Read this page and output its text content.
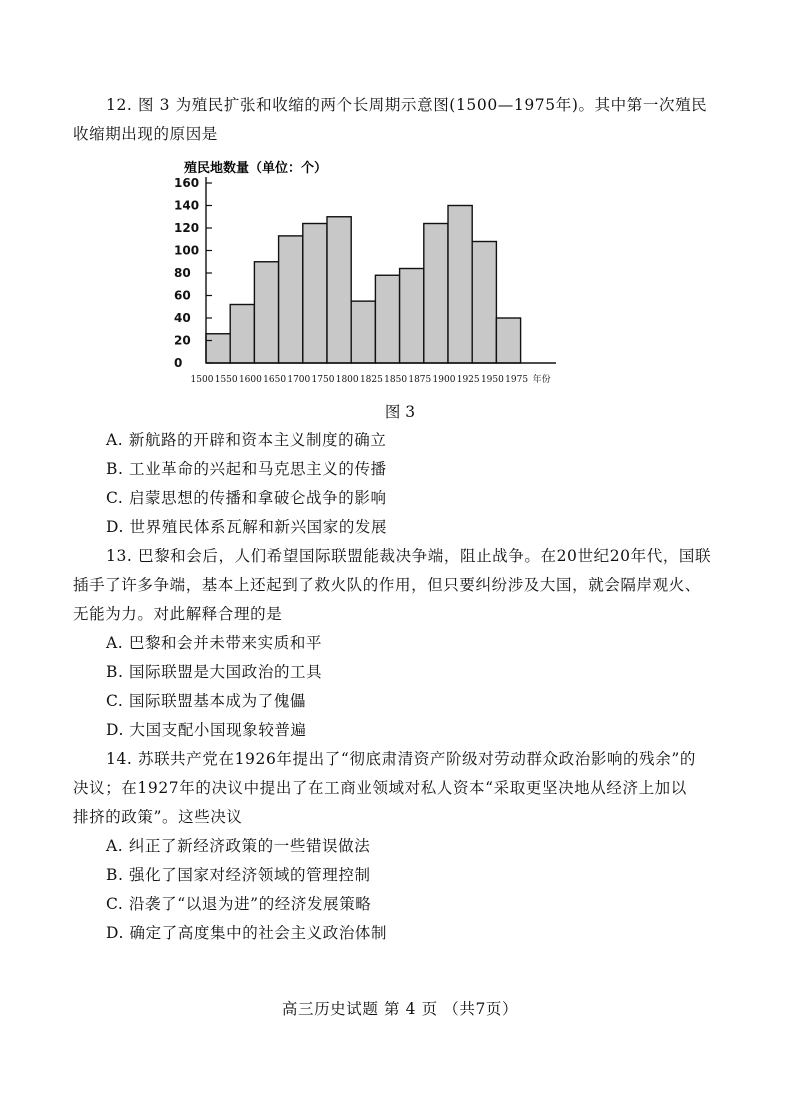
12. 图 3 为殖民扩张和收缩的两个长周期示意图(1500—1975年)。其中第一次殖民
收缩期出现的原因是
殖民地数量（单位：个）
160
140
120
100
80
60
40
20
0
1500 1550 1600 1650 1700 1750 1800 1825 1850 1875 1900 1925 1950 1975 年份
图 3
A. 新航路的开辟和资本主义制度的确立
B. 工业革命的兴起和马克思主义的传播
C. 启蒙思想的传播和拿破仑战争的影响
D. 世界殖民体系瓦解和新兴国家的发展
13. 巴黎和会后，人们希望国际联盟能裁决争端，阻止战争。在20世纪20年代，国联
插手了许多争端，基本上还起到了救火队的作用，但只要纠纷涉及大国，就会隔岸观火、
无能为力。对此解释合理的是
A. 巴黎和会并未带来实质和平
B. 国际联盟是大国政治的工具
C. 国际联盟基本成为了傀儡
D. 大国支配小国现象较普遍
14. 苏联共产党在1926年提出了“彻底肃清资产阶级对劳动群众政治影响的残余”的
决议；在1927年的决议中提出了在工商业领域对私人资本“采取更坚决地从经济上加以
排挤的政策”。这些决议
A. 纠正了新经济政策的一些错误做法
B. 强化了国家对经济领域的管理控制
C. 沿袭了“以退为进”的经济发展策略
D. 确定了高度集中的社会主义政治体制
高三历史试题 第 4 页 （共7页）
